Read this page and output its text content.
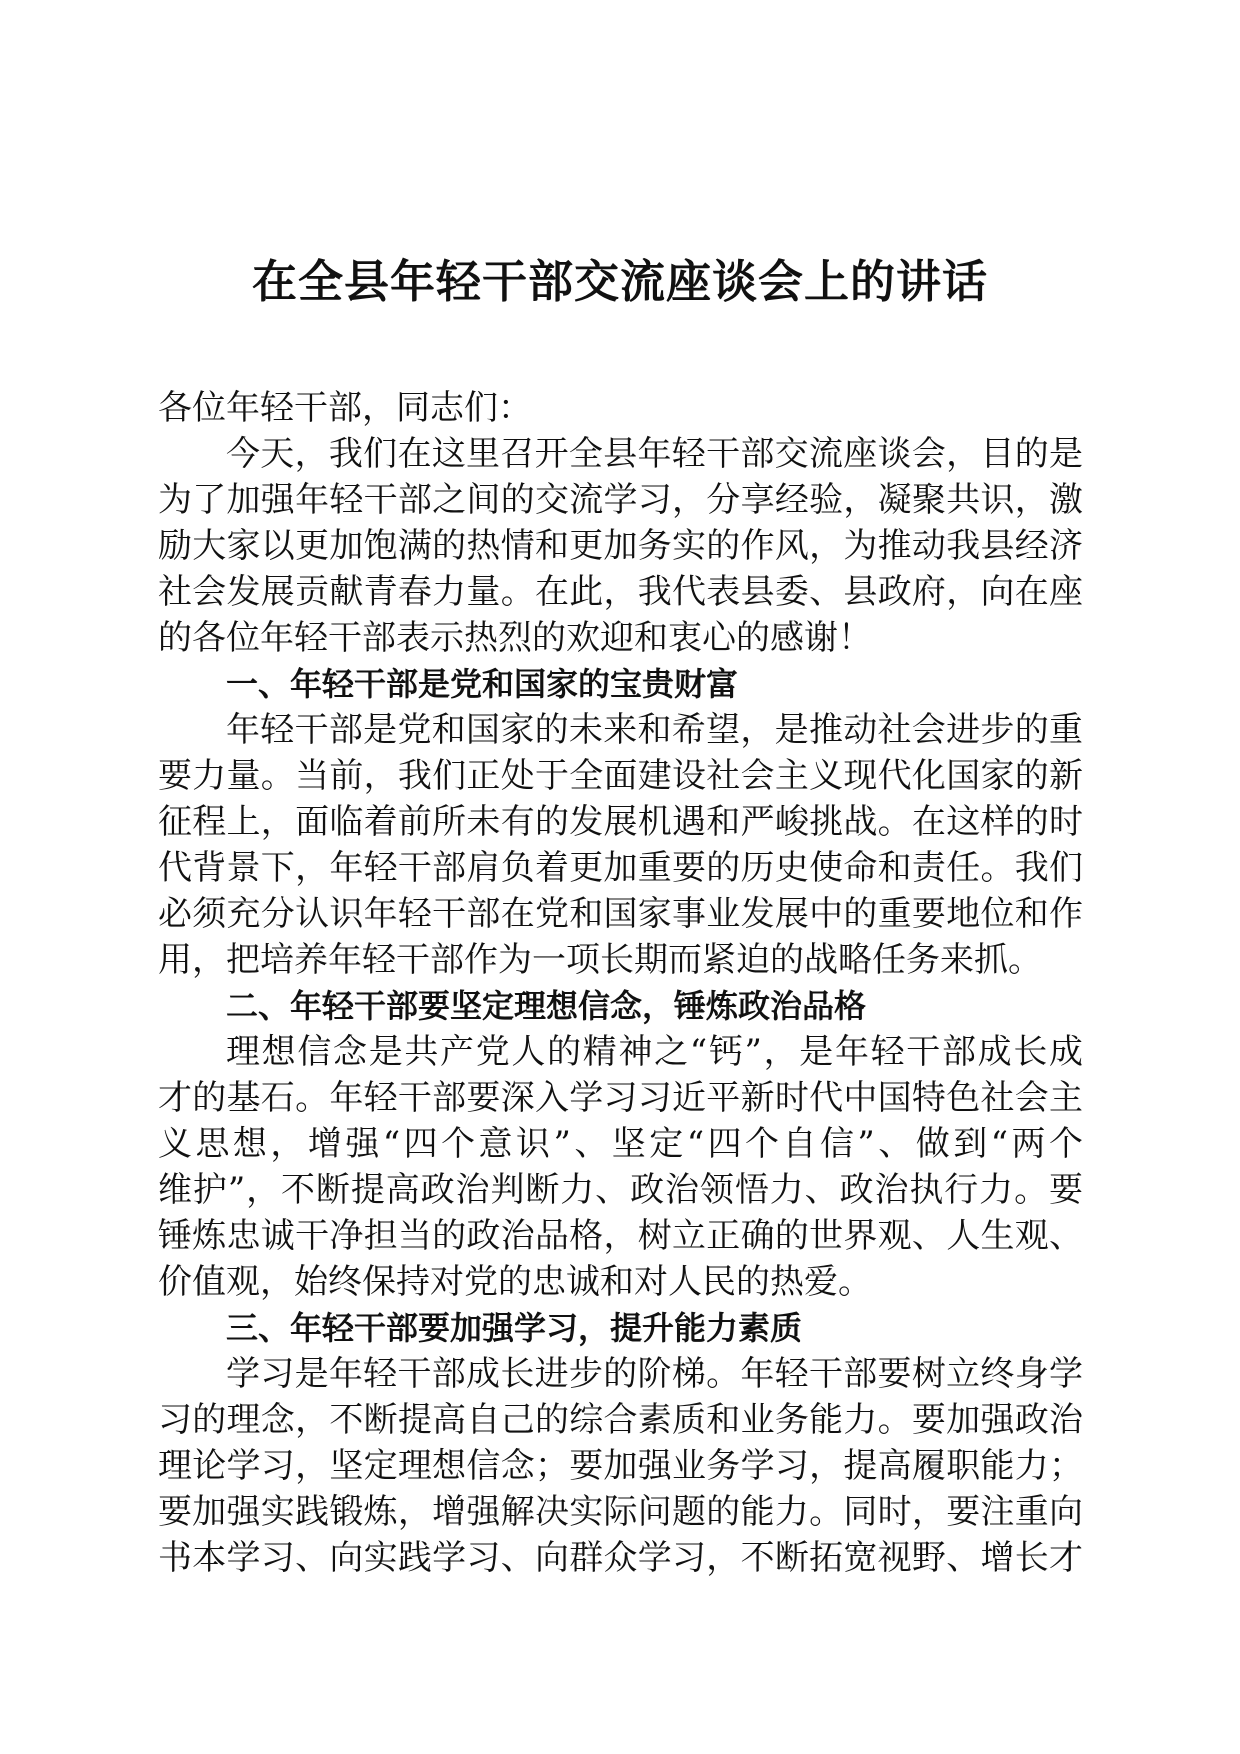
在全县年轻干部交流座谈会上的讲话
各位年轻干部，同志们：
今天，我们在这里召开全县年轻干部交流座谈会，目的是
为了加强年轻干部之间的交流学习，分享经验，凝聚共识，激
励大家以更加饱满的热情和更加务实的作风，为推动我县经济
社会发展贡献青春力量。在此，我代表县委、县政府，向在座
的各位年轻干部表示热烈的欢迎和衷心的感谢！
一、年轻干部是党和国家的宝贵财富
年轻干部是党和国家的未来和希望，是推动社会进步的重
要力量。当前，我们正处于全面建设社会主义现代化国家的新
征程上，面临着前所未有的发展机遇和严峻挑战。在这样的时
代背景下，年轻干部肩负着更加重要的历史使命和责任。我们
必须充分认识年轻干部在党和国家事业发展中的重要地位和作
用，把培养年轻干部作为一项长期而紧迫的战略任务来抓。
二、年轻干部要坚定理想信念，锤炼政治品格
理想信念是共产党人的精神之“钙”，是年轻干部成长成
才的基石。年轻干部要深入学习习近平新时代中国特色社会主
义思想，增强“四个意识”、坚定“四个自信”、做到“两个
维护”，不断提高政治判断力、政治领悟力、政治执行力。要
锤炼忠诚干净担当的政治品格，树立正确的世界观、人生观、
价值观，始终保持对党的忠诚和对人民的热爱。
三、年轻干部要加强学习，提升能力素质
学习是年轻干部成长进步的阶梯。年轻干部要树立终身学
习的理念，不断提高自己的综合素质和业务能力。要加强政治
理论学习，坚定理想信念；要加强业务学习，提高履职能力；
要加强实践锻炼，增强解决实际问题的能力。同时，要注重向
书本学习、向实践学习、向群众学习，不断拓宽视野、增长才
